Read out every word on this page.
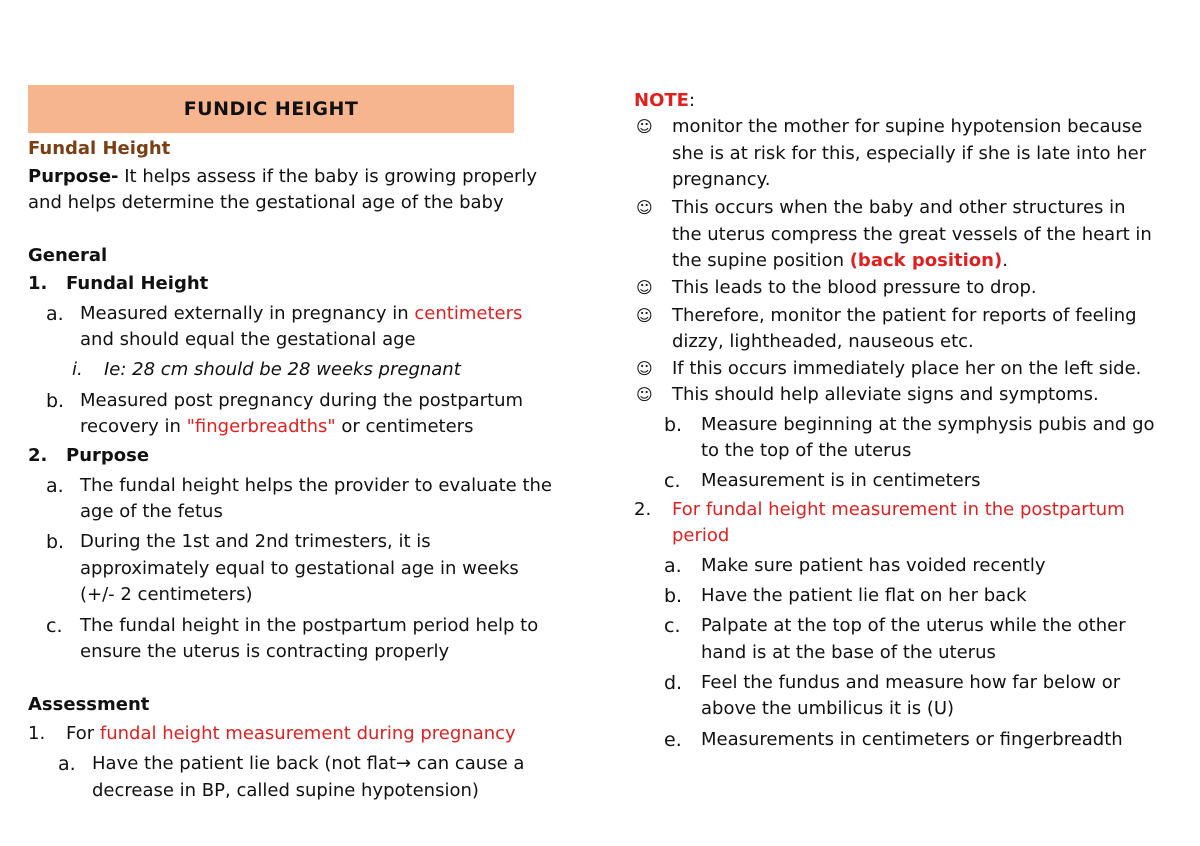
FUNDIC HEIGHT
Fundal Height
Purpose- It helps assess if the baby is growing properly
and helps determine the gestational age of the baby
General
1. Fundal Height
a. Measured externally in pregnancy in centimeters
and should equal the gestational age
i. Ie: 28 cm should be 28 weeks pregnant
b. Measured post pregnancy during the postpartum
recovery in "fingerbreadths" or centimeters
2. Purpose
a. The fundal height helps the provider to evaluate the
age of the fetus
b. During the 1st and 2nd trimesters, it is
approximately equal to gestational age in weeks
(+/- 2 centimeters)
c. The fundal height in the postpartum period help to
ensure the uterus is contracting properly
Assessment
1. For fundal height measurement during pregnancy
a. Have the patient lie back (not flat→ can cause a
decrease in BP, called supine hypotension)
NOTE:
☺ monitor the mother for supine hypotension because
she is at risk for this, especially if she is late into her
pregnancy.
☺ This occurs when the baby and other structures in
the uterus compress the great vessels of the heart in
the supine position (back position).
☺ This leads to the blood pressure to drop.
☺ Therefore, monitor the patient for reports of feeling
dizzy, lightheaded, nauseous etc.
☺ If this occurs immediately place her on the left side.
☺ This should help alleviate signs and symptoms.
b. Measure beginning at the symphysis pubis and go
to the top of the uterus
c. Measurement is in centimeters
2. For fundal height measurement in the postpartum
period
a. Make sure patient has voided recently
b. Have the patient lie flat on her back
c. Palpate at the top of the uterus while the other
hand is at the base of the uterus
d. Feel the fundus and measure how far below or
above the umbilicus it is (U)
e. Measurements in centimeters or fingerbreadth
